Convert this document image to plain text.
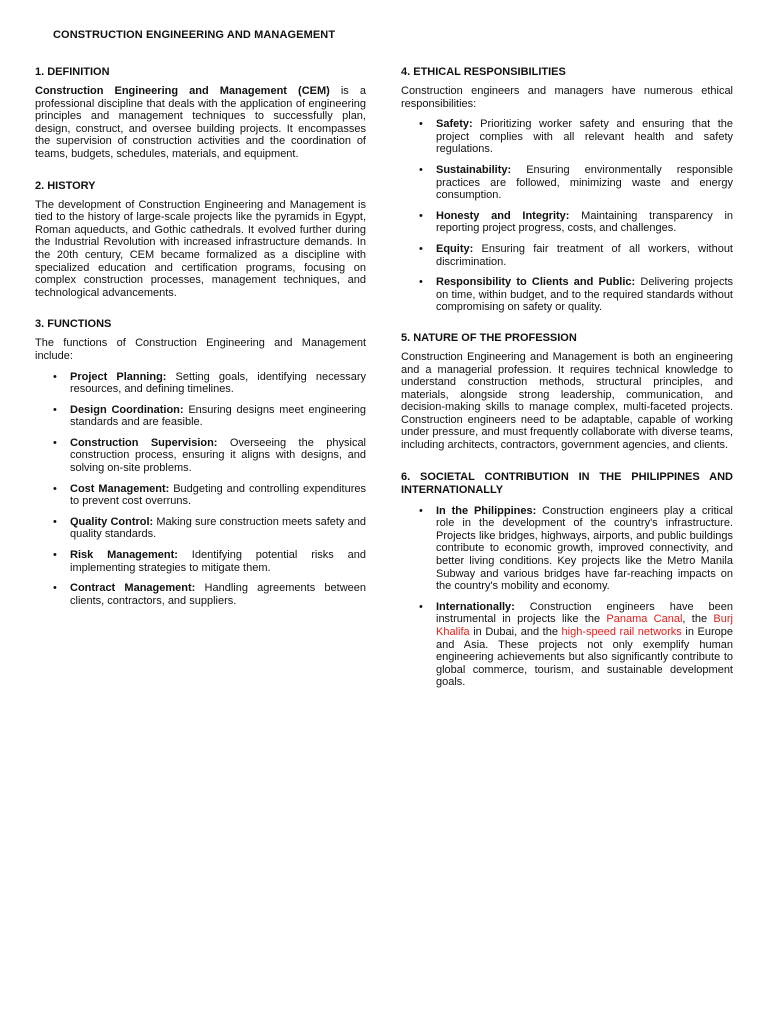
CONSTRUCTION ENGINEERING AND MANAGEMENT
1. DEFINITION

Construction Engineering and Management (CEM) is a professional discipline that deals with the application of engineering principles and management techniques to successfully plan, design, construct, and oversee building projects. It encompasses the supervision of construction activities and the coordination of teams, budgets, schedules, materials, and equipment.

2. HISTORY

The development of Construction Engineering and Management is tied to the history of large-scale projects like the pyramids in Egypt, Roman aqueducts, and Gothic cathedrals. It evolved further during the Industrial Revolution with increased infrastructure demands. In the 20th century, CEM became formalized as a discipline with specialized education and certification programs, focusing on complex construction processes, management techniques, and technological advancements.

3. FUNCTIONS

The functions of Construction Engineering and Management include:

• Project Planning: Setting goals, identifying necessary resources, and defining timelines.
• Design Coordination: Ensuring designs meet engineering standards and are feasible.
• Construction Supervision: Overseeing the physical construction process, ensuring it aligns with designs, and solving on-site problems.
• Cost Management: Budgeting and controlling expenditures to prevent cost overruns.
• Quality Control: Making sure construction meets safety and quality standards.
• Risk Management: Identifying potential risks and implementing strategies to mitigate them.
• Contract Management: Handling agreements between clients, contractors, and suppliers.
4. ETHICAL RESPONSIBILITIES

Construction engineers and managers have numerous ethical responsibilities:

• Safety: Prioritizing worker safety and ensuring that the project complies with all relevant health and safety regulations.
• Sustainability: Ensuring environmentally responsible practices are followed, minimizing waste and energy consumption.
• Honesty and Integrity: Maintaining transparency in reporting project progress, costs, and challenges.
• Equity: Ensuring fair treatment of all workers, without discrimination.
• Responsibility to Clients and Public: Delivering projects on time, within budget, and to the required standards without compromising on safety or quality.
5. NATURE OF THE PROFESSION

Construction Engineering and Management is both an engineering and a managerial profession. It requires technical knowledge to understand construction methods, structural principles, and materials, alongside strong leadership, communication, and decision-making skills to manage complex, multi-faceted projects. Construction engineers need to be adaptable, capable of working under pressure, and must frequently collaborate with diverse teams, including architects, contractors, government agencies, and clients.

6. SOCIETAL CONTRIBUTION IN THE PHILIPPINES AND INTERNATIONALLY
• In the Philippines: Construction engineers play a critical role in the development of the country's infrastructure. Projects like bridges, highways, airports, and public buildings contribute to economic growth, improved connectivity, and better living conditions. Key projects like the Metro Manila Subway and various bridges have far-reaching impacts on the country's mobility and economy.
• Internationally: Construction engineers have been instrumental in projects like the Panama Canal, the Burj Khalifa in Dubai, and the high-speed rail networks in Europe and Asia. These projects not only exemplify human engineering achievements but also significantly contribute to global commerce, tourism, and sustainable development goals.
